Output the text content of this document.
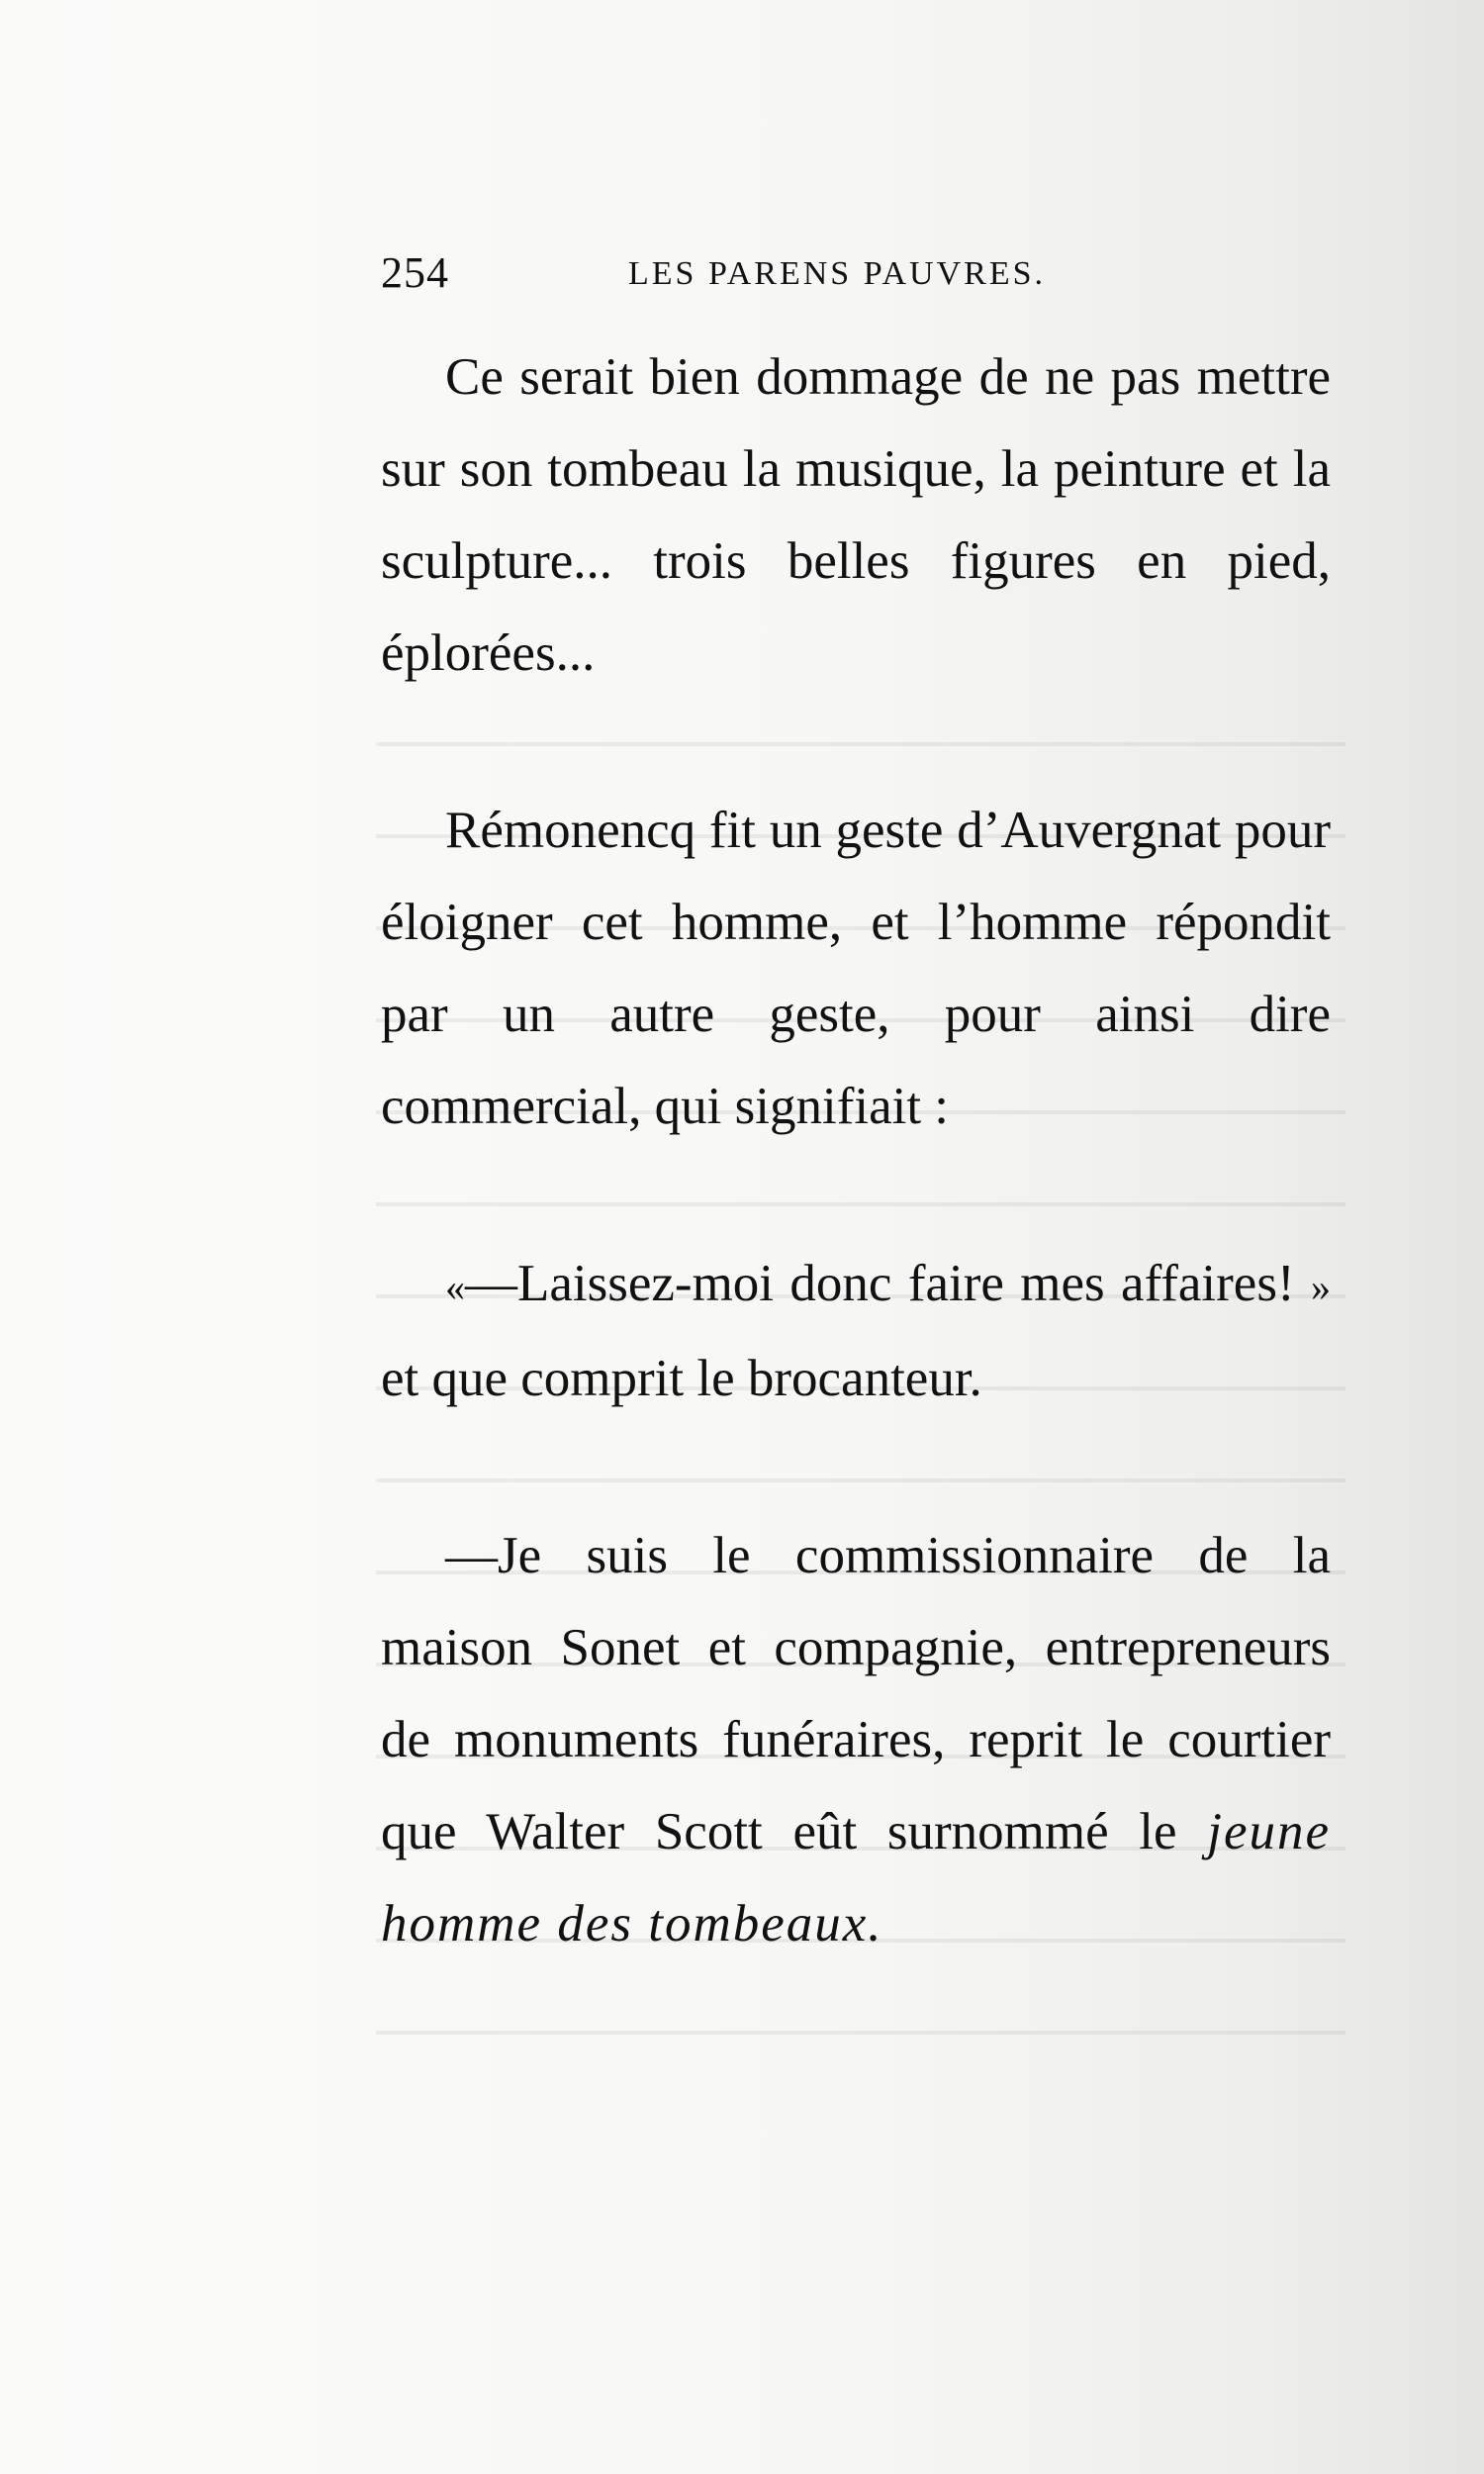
254	LES PARENS PAUVRES.

Ce serait bien dommage de ne pas mettre sur son tombeau la musique, la peinture et la sculpture... trois belles figures en pied, éplorées...

Rémonencq fit un geste d’Auvergnat pour éloigner cet homme, et l’homme répondit par un autre geste, pour ainsi dire commercial, qui signifiait :

«—Laissez-moi donc faire mes affaires! » et que comprit le brocanteur.

—Je suis le commissionnaire de la maison Sonet et compagnie, entrepreneurs de monuments funéraires, reprit le courtier que Walter Scott eût surnommé le jeune homme des tombeaux.
